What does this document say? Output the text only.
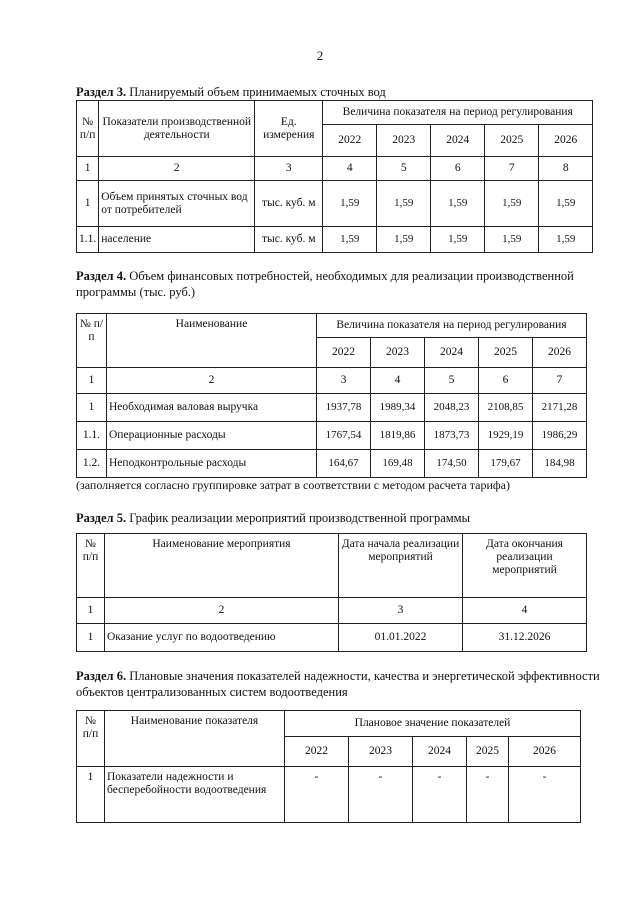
2
Раздел 3. Планируемый объем принимаемых сточных вод
№ п/п	Показатели производственной деятельности	Ед. измерения	Величина показателя на период регулирования				
			2022	2023	2024	2025	2026
1	2	3	4	5	6	7	8
1	Объем принятых сточных вод от потребителей	тыс. куб. м	1,59	1,59	1,59	1,59	1,59
1.1.	население	тыс. куб. м	1,59	1,59	1,59	1,59	1,59
Раздел 4. Объем финансовых потребностей, необходимых для реализации производственной программы (тыс. руб.)
№ п/п	Наименование	Величина показателя на период регулирования				
		2022	2023	2024	2025	2026
1	2	3	4	5	6	7
1	Необходимая валовая выручка	1937,78	1989,34	2048,23	2108,85	2171,28
1.1.	Операционные расходы	1767,54	1819,86	1873,73	1929,19	1986,29
1.2.	Неподконтрольные расходы	164,67	169,48	174,50	179,67	184,98
(заполняется согласно группировке затрат в соответствии с методом расчета тарифа)
Раздел 5. График реализации мероприятий производственной программы
№ п/п	Наименование мероприятия	Дата начала реализации мероприятий	Дата окончания реализации мероприятий
1	2	3	4
1	Оказание услуг по водоотведению	01.01.2022	31.12.2026
Раздел 6. Плановые значения показателей надежности, качества и энергетической эффективности объектов централизованных систем водоотведения
№ п/п	Наименование показателя	Плановое значение показателей				
		2022	2023	2024	2025	2026
1	Показатели надежности и бесперебойности водоотведения	-	-	-	-	-
